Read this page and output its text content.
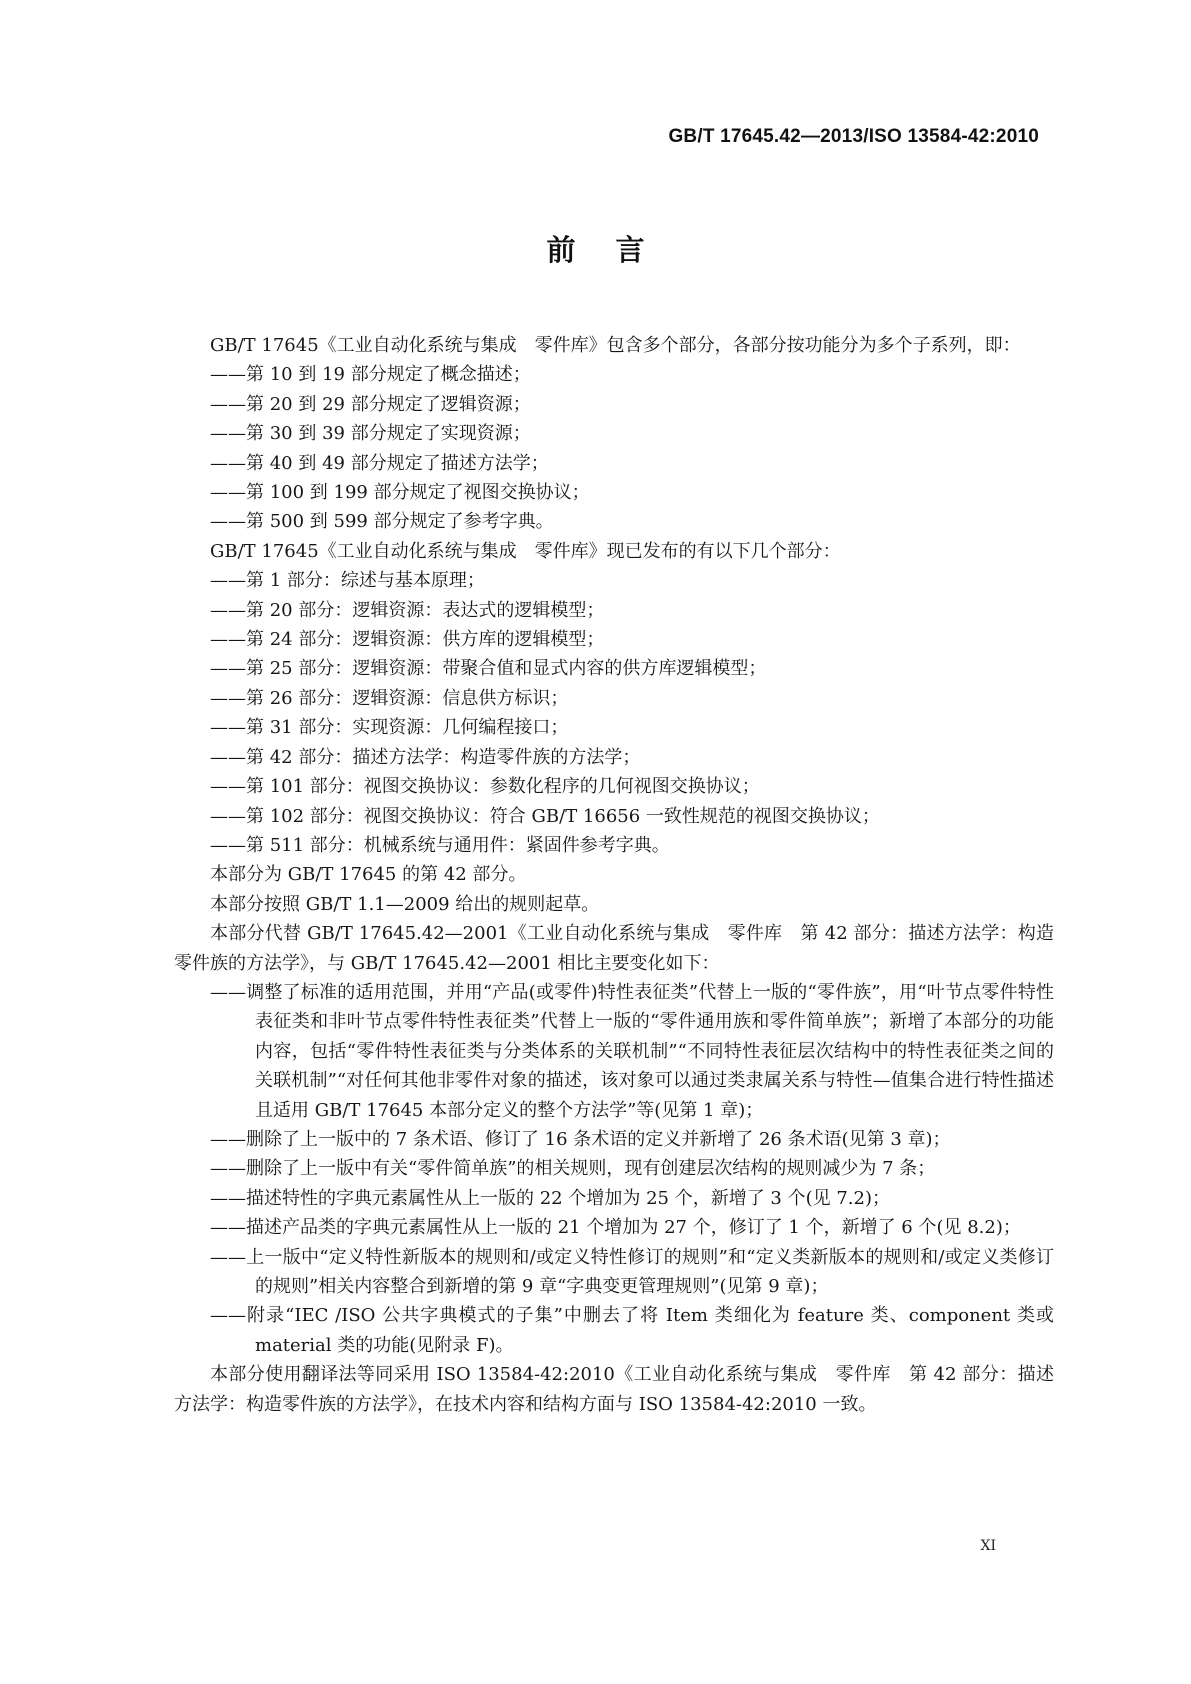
GB/T 17645.42—2013/ISO 13584-42:2010
前言

GB/T 17645《工业自动化系统与集成　零件库》包含多个部分，各部分按功能分为多个子系列，即：

——第 10 到 19 部分规定了概念描述；

——第 20 到 29 部分规定了逻辑资源；

——第 30 到 39 部分规定了实现资源；

——第 40 到 49 部分规定了描述方法学；

——第 100 到 199 部分规定了视图交换协议；

——第 500 到 599 部分规定了参考字典。

GB/T 17645《工业自动化系统与集成　零件库》现已发布的有以下几个部分：

——第 1 部分：综述与基本原理；

——第 20 部分：逻辑资源：表达式的逻辑模型；

——第 24 部分：逻辑资源：供方库的逻辑模型；

——第 25 部分：逻辑资源：带聚合值和显式内容的供方库逻辑模型；

——第 26 部分：逻辑资源：信息供方标识；

——第 31 部分：实现资源：几何编程接口；

——第 42 部分：描述方法学：构造零件族的方法学；

——第 101 部分：视图交换协议：参数化程序的几何视图交换协议；

——第 102 部分：视图交换协议：符合 GB/T 16656 一致性规范的视图交换协议；

——第 511 部分：机械系统与通用件：紧固件参考字典。

本部分为 GB/T 17645 的第 42 部分。

本部分按照 GB/T 1.1—2009 给出的规则起草。

本部分代替 GB/T 17645.42—2001《工业自动化系统与集成　零件库　第 42 部分：描述方法学：构造零件族的方法学》，与 GB/T 17645.42—2001 相比主要变化如下：

——调整了标准的适用范围，并用“产品(或零件)特性表征类”代替上一版的“零件族”，用“叶节点零件特性表征类和非叶节点零件特性表征类”代替上一版的“零件通用族和零件简单族”；新增了本部分的功能内容，包括“零件特性表征类与分类体系的关联机制”“不同特性表征层次结构中的特性表征类之间的关联机制”“对任何其他非零件对象的描述，该对象可以通过类隶属关系与特性—值集合进行特性描述且适用 GB/T 17645 本部分定义的整个方法学”等(见第 1 章)；

——删除了上一版中的 7 条术语、修订了 16 条术语的定义并新增了 26 条术语(见第 3 章)；

——删除了上一版中有关“零件简单族”的相关规则，现有创建层次结构的规则减少为 7 条；

——描述特性的字典元素属性从上一版的 22 个增加为 25 个，新增了 3 个(见 7.2)；

——描述产品类的字典元素属性从上一版的 21 个增加为 27 个，修订了 1 个，新增了 6 个(见 8.2)；

——上一版中“定义特性新版本的规则和/或定义特性修订的规则”和“定义类新版本的规则和/或定义类修订的规则”相关内容整合到新增的第 9 章“字典变更管理规则”(见第 9 章)；

——附录“IEC /ISO 公共字典模式的子集”中删去了将 Item 类细化为 feature 类、component 类或 material 类的功能(见附录 F)。

本部分使用翻译法等同采用 ISO 13584-42:2010《工业自动化系统与集成　零件库　第 42 部分：描述方法学：构造零件族的方法学》，在技术内容和结构方面与 ISO 13584-42:2010 一致。

XI
